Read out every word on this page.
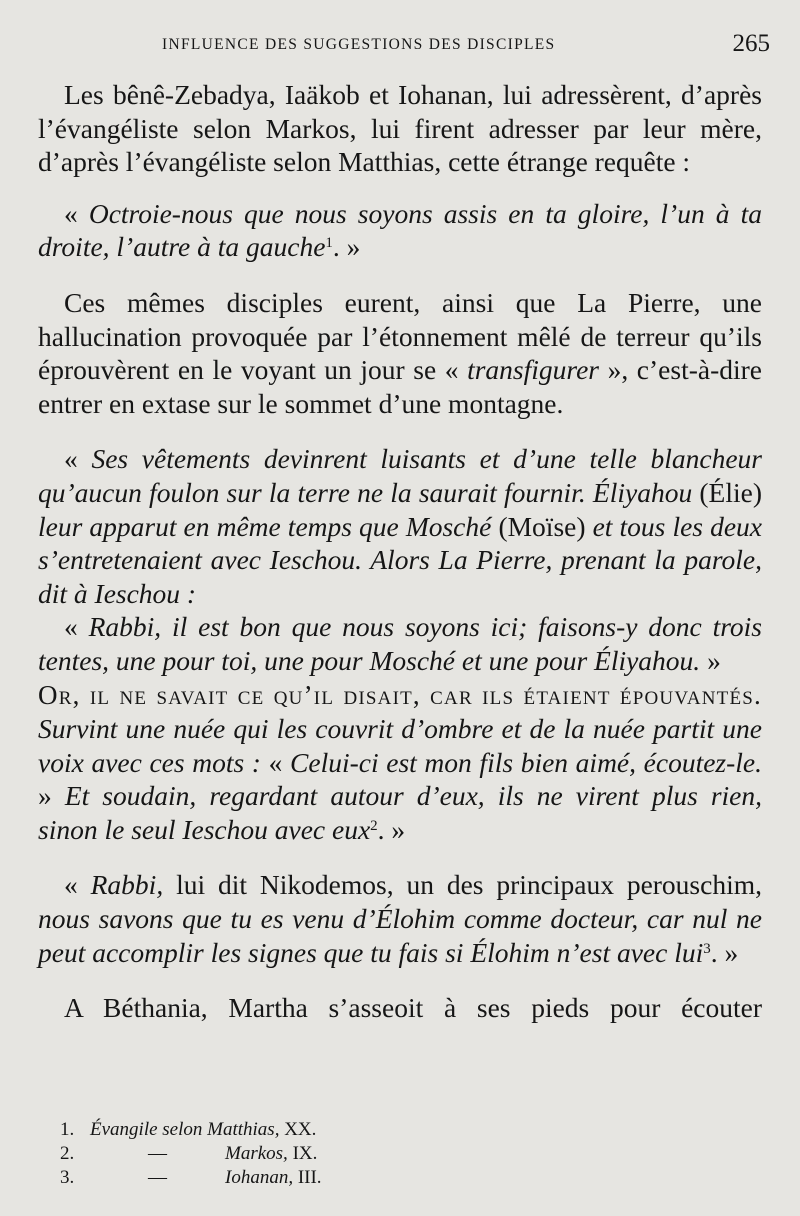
INFLUENCE DES SUGGESTIONS DES DISCIPLES	265

Les bênê-Zebadya, Iaäkob et Iohanan, lui adressèrent, d’après l’évangéliste selon Markos, lui firent adresser par leur mère, d’après l’évangéliste selon Matthias, cette étrange requête :

« Octroie-nous que nous soyons assis en ta gloire, l’un à ta droite, l’autre à ta gauche$^1$. »

Ces mêmes disciples eurent, ainsi que La Pierre, une hallucination provoquée par l’étonnement mêlé de terreur qu’ils éprouvèrent en le voyant un jour se « transfigurer », c’est-à-dire entrer en extase sur le sommet d’une montagne.

« Ses vêtements devinrent luisants et d’une telle blancheur qu’aucun foulon sur la terre ne la saurait fournir. Éliyahou (Élie) leur apparut en même temps que Mosché (Moïse) et tous les deux s’entretenaient avec Ieschou. Alors La Pierre, prenant la parole, dit à Ieschou :

« Rabbi, il est bon que nous soyons ici; faisons-y donc trois tentes, une pour toi, une pour Mosché et une pour Éliyahou. »

Or, il ne savait ce qu’il disait, car ils étaient épouvantés. Survint une nuée qui les couvrit d’ombre et de la nuée partit une voix avec ces mots : « Celui-ci est mon fils bien aimé, écoutez-le. » Et soudain, regardant autour d’eux, ils ne virent plus rien, sinon le seul Ieschou avec eux$^2$. »

« Rabbi, lui dit Nikodemos, un des principaux perouschim, nous savons que tu es venu d’Élohim comme docteur, car nul ne peut accomplir les signes que tu fais si Élohim n’est avec lui$^3$. »

A Béthania, Martha s’asseoit à ses pieds pour écouter

1. Évangile selon Matthias, XX.
2.	—	Markos, IX.
3.	—	Iohanan, III.
